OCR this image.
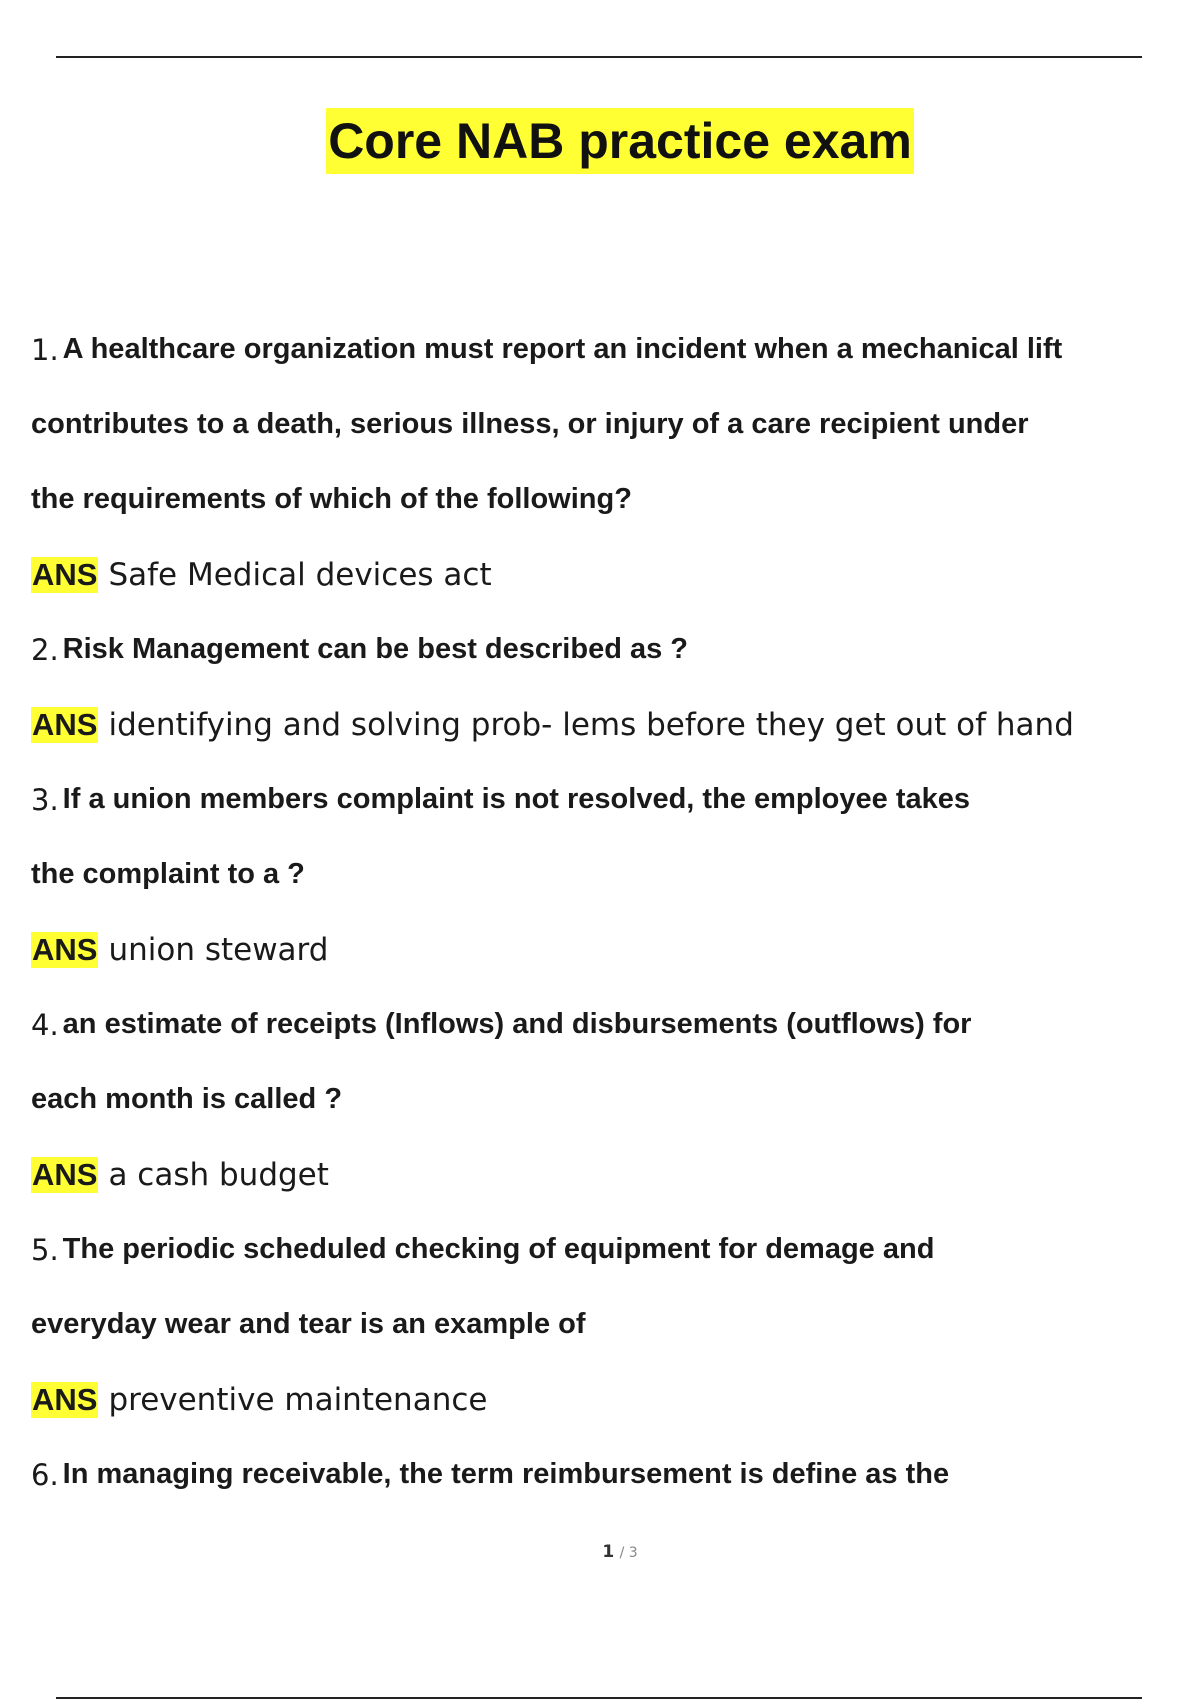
Core NAB practice exam
1. A healthcare organization must report an incident when a mechanical lift
contributes to a death, serious illness, or injury of a care recipient under
the requirements of which of the following?
ANS Safe Medical devices act
2. Risk Management can be best described as ?
ANS identifying and solving prob- lems before they get out of hand
3. If a union members complaint is not resolved, the employee takes
the complaint to a ?
ANS union steward
4. an estimate of receipts (Inflows) and disbursements (outflows) for
each month is called ?
ANS a cash budget
5. The periodic scheduled checking of equipment for demage and
everyday wear and tear is an example of
ANS preventive maintenance
6. In managing receivable, the term reimbursement is define as the
1 / 3
